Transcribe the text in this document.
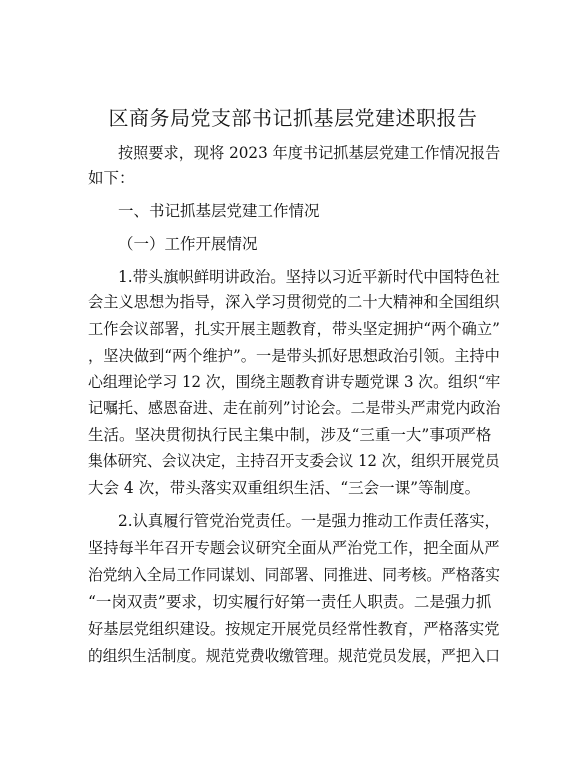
区商务局党支部书记抓基层党建述职报告
按照要求，现将 2023 年度书记抓基层党建工作情况报告
如下：
一、书记抓基层党建工作情况
（一）工作开展情况
1.带头旗帜鲜明讲政治。坚持以习近平新时代中国特色社
会主义思想为指导，深入学习贯彻党的二十大精神和全国组织
工作会议部署，扎实开展主题教育，带头坚定拥护“两个确立”
，坚决做到“两个维护”。一是带头抓好思想政治引领。主持中
心组理论学习 12 次，围绕主题教育讲专题党课 3 次。组织“牢
记嘱托、感恩奋进、走在前列”讨论会。二是带头严肃党内政治
生活。坚决贯彻执行民主集中制，涉及“三重一大”事项严格
集体研究、会议决定，主持召开支委会议 12 次，组织开展党员
大会 4 次，带头落实双重组织生活、“三会一课”等制度。
2.认真履行管党治党责任。一是强力推动工作责任落实，
坚持每半年召开专题会议研究全面从严治党工作，把全面从严
治党纳入全局工作同谋划、同部署、同推进、同考核。严格落实
“一岗双责”要求，切实履行好第一责任人职责。二是强力抓
好基层党组织建设。按规定开展党员经常性教育，严格落实党
的组织生活制度。规范党费收缴管理。规范党员发展，严把入口
